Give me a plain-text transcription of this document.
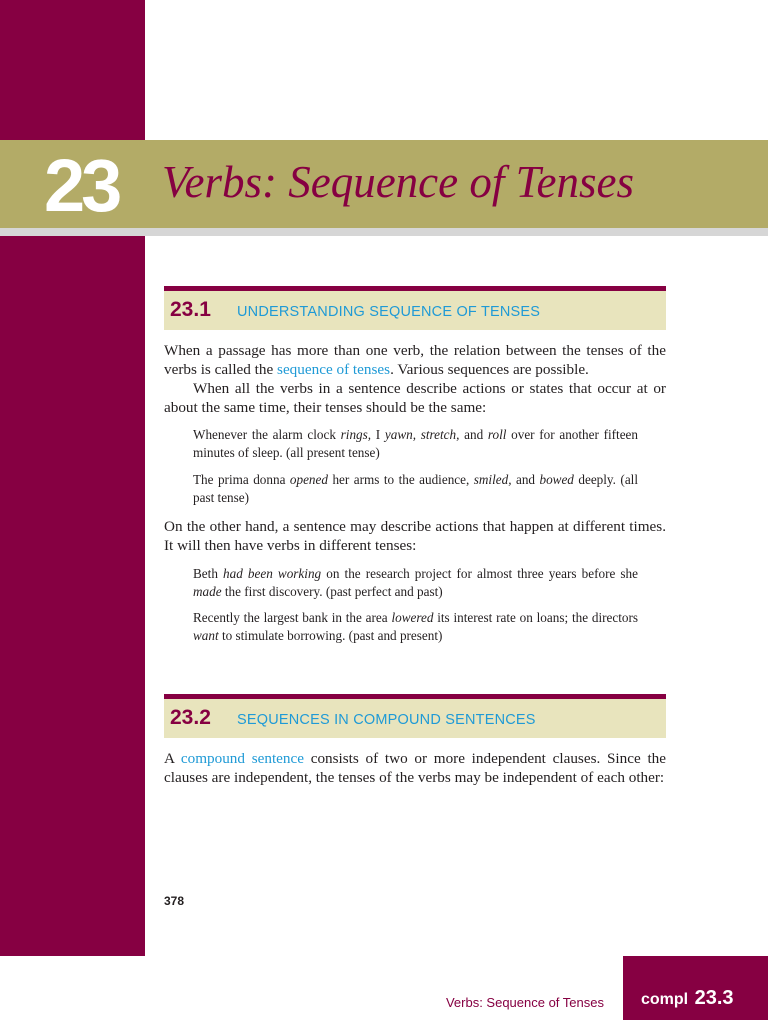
23 Verbs: Sequence of Tenses
23.1 UNDERSTANDING SEQUENCE OF TENSES

When a passage has more than one verb, the relation between the tenses of the verbs is called the sequence of tenses. Various sequences are possible.

When all the verbs in a sentence describe actions or states that occur at or about the same time, their tenses should be the same:

Whenever the alarm clock rings, I yawn, stretch, and roll over for another fifteen minutes of sleep. (all present tense)

The prima donna opened her arms to the audience, smiled, and bowed deeply. (all past tense)

On the other hand, a sentence may describe actions that happen at different times. It will then have verbs in different tenses:

Beth had been working on the research project for almost three years before she made the first discovery. (past perfect and past)

Recently the largest bank in the area lowered its interest rate on loans; the directors want to stimulate borrowing. (past and present)

23.2 SEQUENCES IN COMPOUND SENTENCES

A compound sentence consists of two or more independent clauses. Since the clauses are independent, the tenses of the verbs may be independent of each other:

378
Verbs: Sequence of Tenses compl 23.3
